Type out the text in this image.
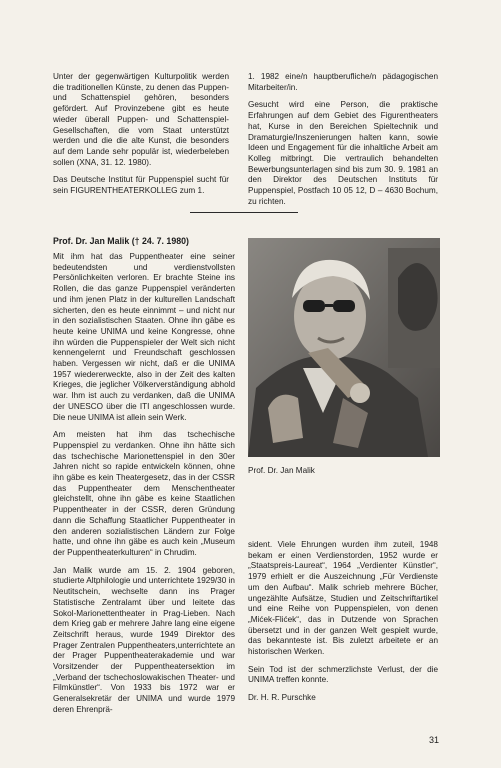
Unter der gegenwärtigen Kulturpolitik werden die traditionellen Künste, zu denen das Puppen- und Schattenspiel gehören, besonders gefördert. Auf Provinzebene gibt es heute wieder überall Puppen- und Schattenspiel-Gesellschaften, die vom Staat unterstützt werden und die die alte Kunst, die besonders auf dem Lande sehr populär ist, wiederbeleben sollen (XNA, 31. 12. 1980).

Das Deutsche Institut für Puppenspiel sucht für sein FIGURENTHEATERKOLLEG zum 1.

1. 1982 eine/n hauptberufliche/n pädagogischen Mitarbeiter/in.

Gesucht wird eine Person, die praktische Erfahrungen auf dem Gebiet des Figurentheaters hat, Kurse in den Bereichen Spieltechnik und Dramaturgie/Inszenierungen halten kann, sowie Ideen und Engagement für die inhaltliche Arbeit am Kolleg mitbringt. Die vertraulich behandelten Bewerbungsunterlagen sind bis zum 30. 9. 1981 an den Direktor des Deutschen Instituts für Puppenspiel, Postfach 10 05 12, D – 4630 Bochum, zu richten.

Prof. Dr. Jan Malik († 24. 7. 1980)

Mit ihm hat das Puppentheater eine seiner bedeutendsten und verdienstvollsten Persönlichkeiten verloren. Er brachte Steine ins Rollen, die das ganze Puppenspiel veränderten und ihm jenen Platz in der kulturellen Landschaft sicherten, den es heute einnimmt – und nicht nur in den sozialistischen Staaten. Ohne ihn gäbe es heute keine UNIMA und keine Kongresse, ohne ihn würden die Puppenspieler der Welt sich nicht kennengelernt und Freundschaft geschlossen haben. Vergessen wir nicht, daß er die UNIMA 1957 wiedererweckte, also in der Zeit des kalten Krieges, die jeglicher Völkerverständigung abhold war. Ihm ist auch zu verdanken, daß die UNIMA der UNESCO über die ITI angeschlossen wurde. Die neue UNIMA ist allein sein Werk.

Am meisten hat ihm das tschechische Puppenspiel zu verdanken. Ohne ihn hätte sich das tschechische Marionettenspiel in den 30er Jahren nicht so rapide entwickeln können, ohne ihn gäbe es kein Theatergesetz, das in der CSSR das Puppentheater dem Menschentheater gleichstellt, ohne ihn gäbe es keine Staatlichen Puppentheater in der CSSR, deren Gründung dann die Schaffung Staatlicher Puppentheater in den anderen sozialistischen Ländern zur Folge hatte, und ohne ihn gäbe es auch kein „Museum der Puppentheaterkulturen“ in Chrudim.

Jan Malik wurde am 15. 2. 1904 geboren, studierte Altphilologie und unterrichtete 1929/30 in Neutitschein, wechselte dann ins Prager Statistische Zentralamt über und leitete das Sokol-Marionettentheater in Prag-Lieben. Nach dem Krieg gab er mehrere Jahre lang eine eigene Zeitschrift heraus, wurde 1949 Direktor des Prager Zentralen Puppentheaters,unterrichtete an der Prager Puppentheaterakademie und war Vorsitzender der Puppentheatersektion im „Verband der tschechoslowakischen Theater- und Filmkünstler“. Von 1933 bis 1972 war er Generalsekretär der UNIMA und wurde 1979 deren Ehrenprä-

Prof. Dr. Jan Malik

sident. Viele Ehrungen wurden ihm zuteil, 1948 bekam er einen Verdienstorden, 1952 wurde er „Staatspreis-Laureat“, 1964 „Verdienter Künstler“, 1979 erhielt er die Auszeichnung „Für Verdienste um den Aufbau“. Malik schrieb mehrere Bücher, ungezählte Aufsätze, Studien und Zeitschriftartikel und eine Reihe von Puppenspielen, von denen „Mićek-Flićek“, das in Dutzende von Sprachen übersetzt und in der ganzen Welt gespielt wurde, das bekannteste ist. Bis zuletzt arbeitete er an historischen Werken.

Sein Tod ist der schmerzlichste Verlust, der die UNIMA treffen konnte.

Dr. H. R. Purschke

31
